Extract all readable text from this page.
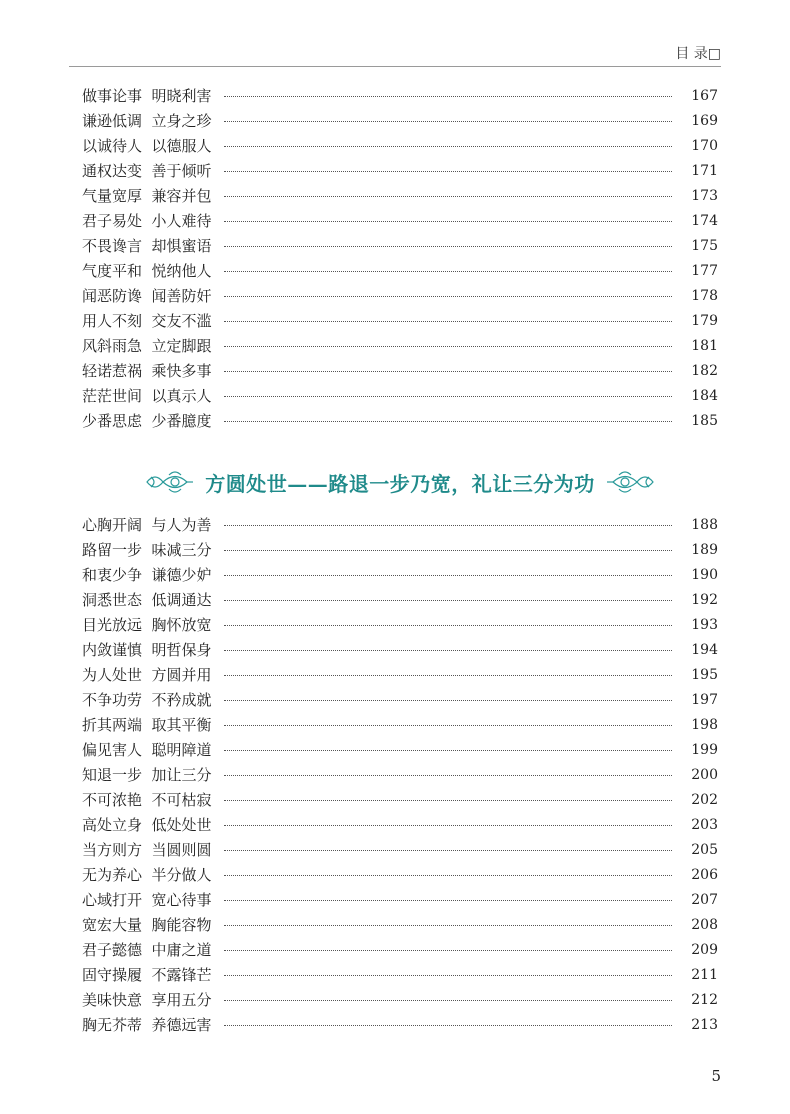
目 录□
做事论事  明晓利害	167
谦逊低调  立身之珍	169
以诚待人  以德服人	170
通权达变  善于倾听	171
气量宽厚  兼容并包	173
君子易处  小人难待	174
不畏谗言  却惧蜜语	175
气度平和  悦纳他人	177
闻恶防谗  闻善防奸	178
用人不刻  交友不滥	179
风斜雨急  立定脚跟	181
轻诺惹祸  乘快多事	182
茫茫世间  以真示人	184
少番思虑  少番臆度	185
方圆处世——路退一步乃宽，礼让三分为功
心胸开阔  与人为善	188
路留一步  味减三分	189
和衷少争  谦德少妒	190
洞悉世态  低调通达	192
目光放远  胸怀放宽	193
内敛谨慎  明哲保身	194
为人处世  方圆并用	195
不争功劳  不矜成就	197
折其两端  取其平衡	198
偏见害人  聪明障道	199
知退一步  加让三分	200
不可浓艳  不可枯寂	202
高处立身  低处处世	203
当方则方  当圆则圆	205
无为养心  半分做人	206
心域打开  宽心待事	207
宽宏大量  胸能容物	208
君子懿德  中庸之道	209
固守操履  不露锋芒	211
美味快意  享用五分	212
胸无芥蒂  养德远害	213
5
